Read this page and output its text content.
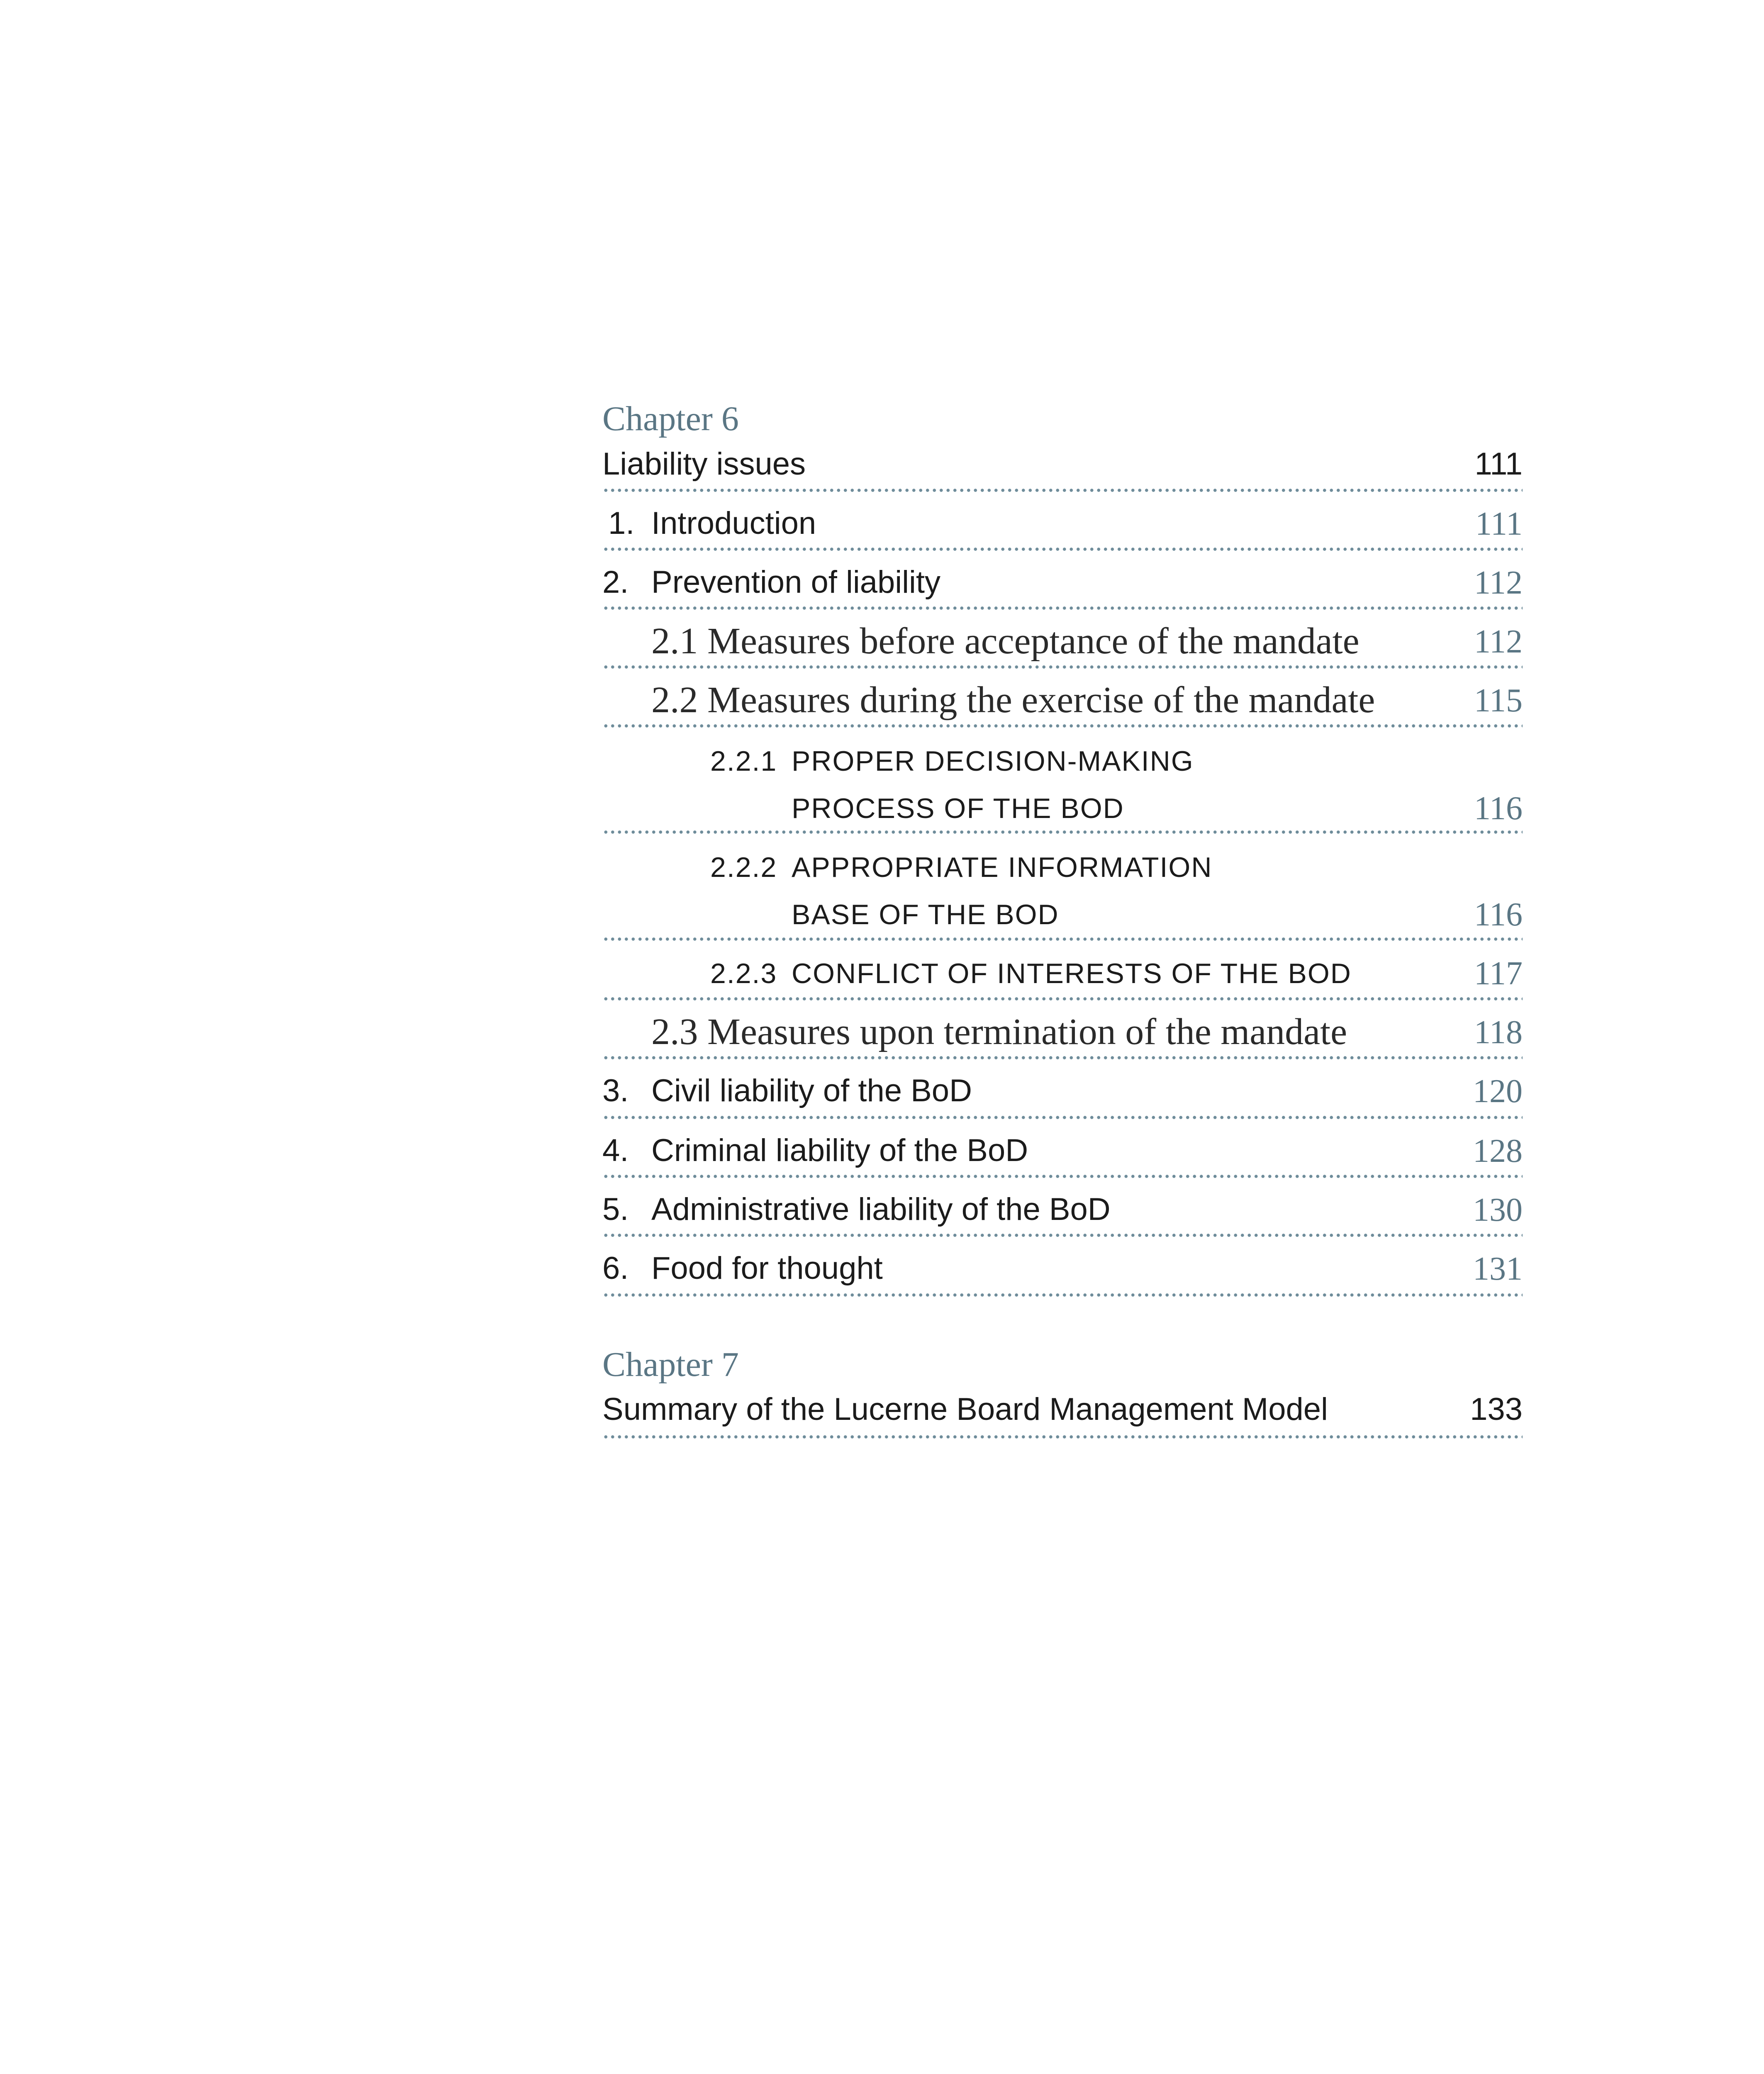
Chapter 6
Liability issues	111
1. Introduction	111
2. Prevention of liability	112
2.1 Measures before acceptance of the mandate	112
2.2 Measures during the exercise of the mandate	115
2.2.1 PROPER DECISION-MAKING
PROCESS OF THE BOD	116
2.2.2 APPROPRIATE INFORMATION
BASE OF THE BOD	116
2.2.3 CONFLICT OF INTERESTS OF THE BOD	117
2.3 Measures upon termination of the mandate	118
3. Civil liability of the BoD	120
4. Criminal liability of the BoD	128
5. Administrative liability of the BoD	130
6. Food for thought	131
Chapter 7
Summary of the Lucerne Board Management Model	133
